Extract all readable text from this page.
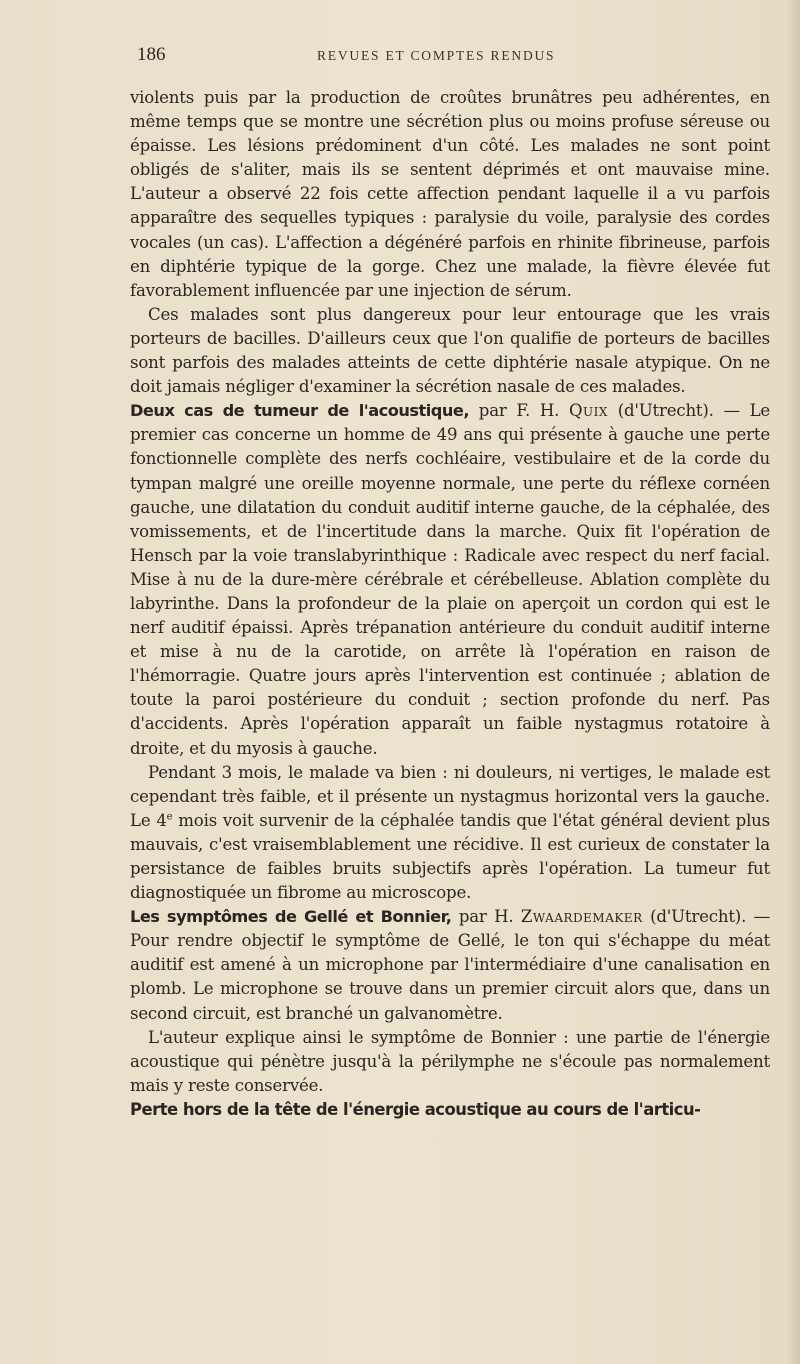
186	REVUES ET COMPTES RENDUS

violents puis par la production de croûtes brunâtres peu adhérentes, en même temps que se montre une sécrétion plus ou moins profuse séreuse ou épaisse. Les lésions prédominent d'un côté. Les malades ne sont point obligés de s'aliter, mais ils se sentent déprimés et ont mauvaise mine. L'auteur a observé 22 fois cette affection pendant laquelle il a vu parfois apparaître des sequelles typiques : paralysie du voile, paralysie des cordes vocales (un cas). L'affection a dégénéré parfois en rhinite fibrineuse, parfois en diphtérie typique de la gorge. Chez une malade, la fièvre élevée fut favorablement influencée par une injection de sérum.

Ces malades sont plus dangereux pour leur entourage que les vrais porteurs de bacilles. D'ailleurs ceux que l'on qualifie de porteurs de bacilles sont parfois des malades atteints de cette diphtérie nasale atypique. On ne doit jamais négliger d'examiner la sécrétion nasale de ces malades.

Deux cas de tumeur de l'acoustique, par F. H. Quix (d'Utrecht). — Le premier cas concerne un homme de 49 ans qui présente à gauche une perte fonctionnelle complète des nerfs cochléaire, vestibulaire et de la corde du tympan malgré une oreille moyenne normale, une perte du réflexe cornéen gauche, une dilatation du conduit auditif interne gauche, de la céphalée, des vomissements, et de l'incertitude dans la marche. Quix fit l'opération de Hensch par la voie translabyrinthique : Radicale avec respect du nerf facial. Mise à nu de la dure-mère cérébrale et cérébelleuse. Ablation complète du labyrinthe. Dans la profondeur de la plaie on aperçoit un cordon qui est le nerf auditif épaissi. Après trépanation antérieure du conduit auditif interne et mise à nu de la carotide, on arrête là l'opération en raison de l'hémorragie. Quatre jours après l'intervention est continuée ; ablation de toute la paroi postérieure du conduit ; section profonde du nerf. Pas d'accidents. Après l'opération apparaît un faible nystagmus rotatoire à droite, et du myosis à gauche.

Pendant 3 mois, le malade va bien : ni douleurs, ni vertiges, le malade est cependant très faible, et il présente un nystagmus horizontal vers la gauche. Le 4e mois voit survenir de la céphalée tandis que l'état général devient plus mauvais, c'est vraisemblablement une récidive. Il est curieux de constater la persistance de faibles bruits subjectifs après l'opération. La tumeur fut diagnostiquée un fibrome au microscope.

Les symptômes de Gellé et Bonnier, par H. Zwaardemaker (d'Utrecht). — Pour rendre objectif le symptôme de Gellé, le ton qui s'échappe du méat auditif est amené à un microphone par l'intermédiaire d'une canalisation en plomb. Le microphone se trouve dans un premier circuit alors que, dans un second circuit, est branché un galvanomètre.

L'auteur explique ainsi le symptôme de Bonnier : une partie de l'énergie acoustique qui pénètre jusqu'à la périlymphe ne s'écoule pas normalement mais y reste conservée.

Perte hors de la tête de l'énergie acoustique au cours de l'articu-
